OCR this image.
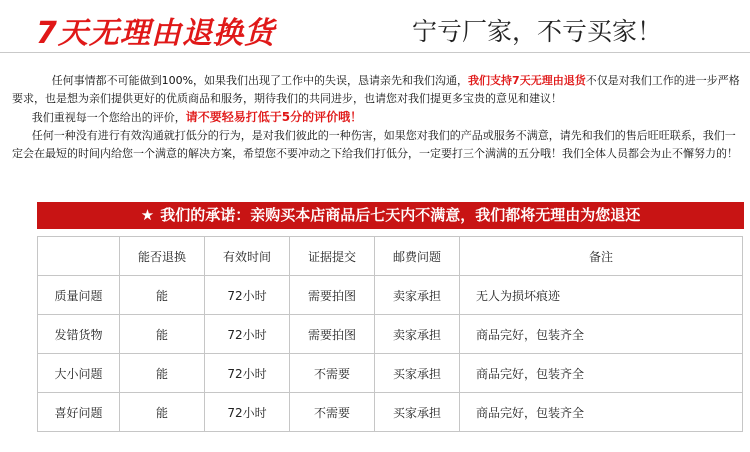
7天无理由退换货	宁亏厂家，不亏买家！

任何事情都不可能做到100%，如果我们出现了工作中的失误，恳请亲先和我们沟通，我们支持7天无理由退货不仅是对我们工作的进一步严格要求，也是想为亲们提供更好的优质商品和服务，期待我们的共同进步，也请您对我们提更多宝贵的意见和建议！

我们重视每一个您给出的评价，请不要轻易打低于5分的评价哦！

任何一种没有进行有效沟通就打低分的行为，是对我们彼此的一种伤害，如果您对我们的产品或服务不满意，请先和我们的售后旺旺联系，我们一定会在最短的时间内给您一个满意的解决方案，希望您不要冲动之下给我们打低分，一定要打三个满满的五分哦！我们全体人员都会为止不懈努力的！

★ 我们的承诺：亲购买本店商品后七天内不满意，我们都将无理由为您退还
	能否退换	有效时间	证据提交	邮费问题	备注
质量问题	能	72小时	需要拍图	卖家承担	无人为损坏痕迹
发错货物	能	72小时	需要拍图	卖家承担	商品完好，包装齐全
大小问题	能	72小时	不需要	买家承担	商品完好，包装齐全
喜好问题	能	72小时	不需要	买家承担	商品完好，包装齐全
